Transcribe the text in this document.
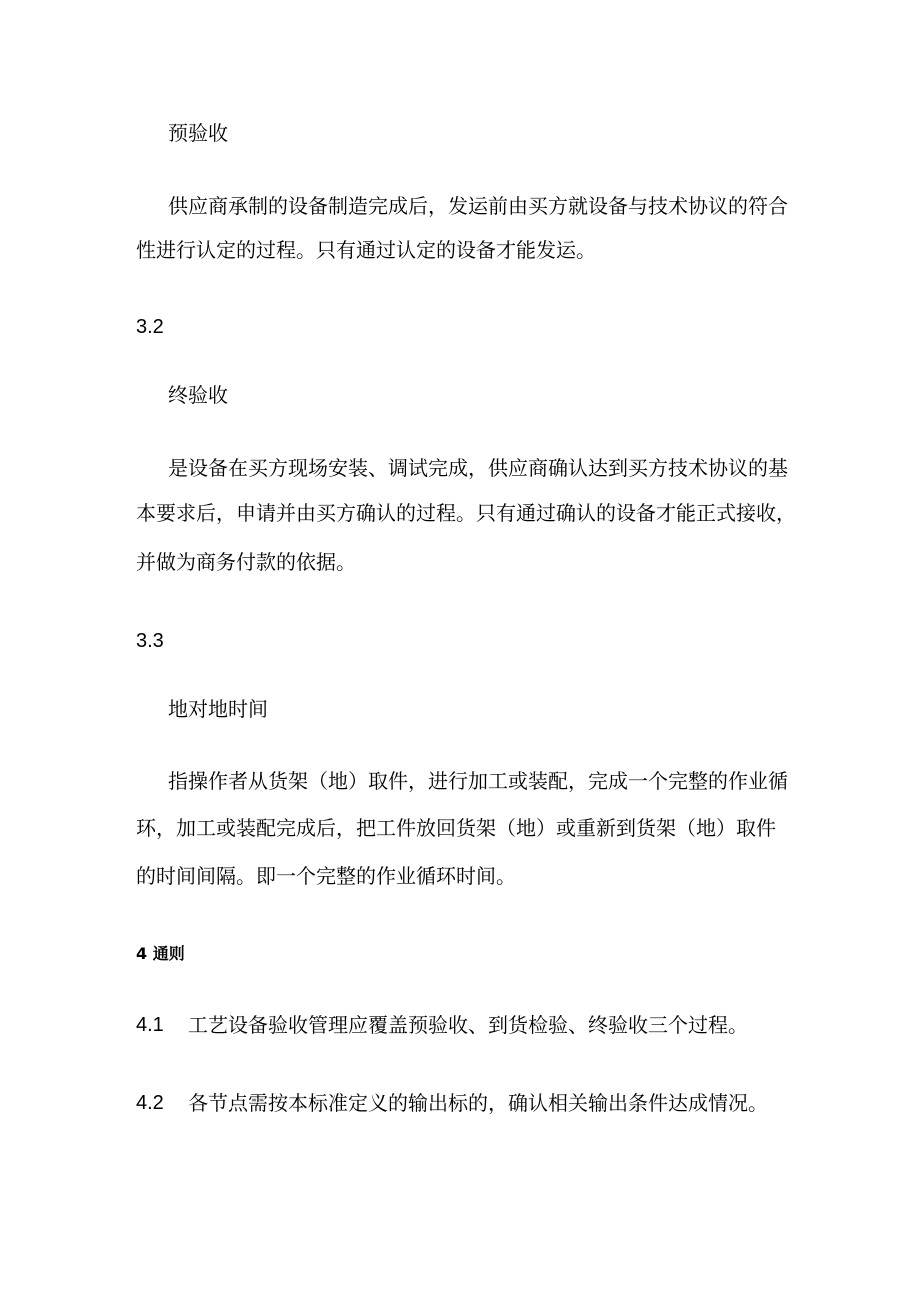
预验收
供应商承制的设备制造完成后，发运前由买方就设备与技术协议的符合
性进行认定的过程。只有通过认定的设备才能发运。
3.2
终验收
是设备在买方现场安装、调试完成，供应商确认达到买方技术协议的基
本要求后，申请并由买方确认的过程。只有通过确认的设备才能正式接收，
并做为商务付款的依据。
3.3
地对地时间
指操作者从货架（地）取件，进行加工或装配，完成一个完整的作业循
环，加工或装配完成后，把工件放回货架（地）或重新到货架（地）取件
的时间间隔。即一个完整的作业循环时间。
4 通则
4.1 工艺设备验收管理应覆盖预验收、到货检验、终验收三个过程。
4.2 各节点需按本标准定义的输出标的，确认相关输出条件达成情况。
